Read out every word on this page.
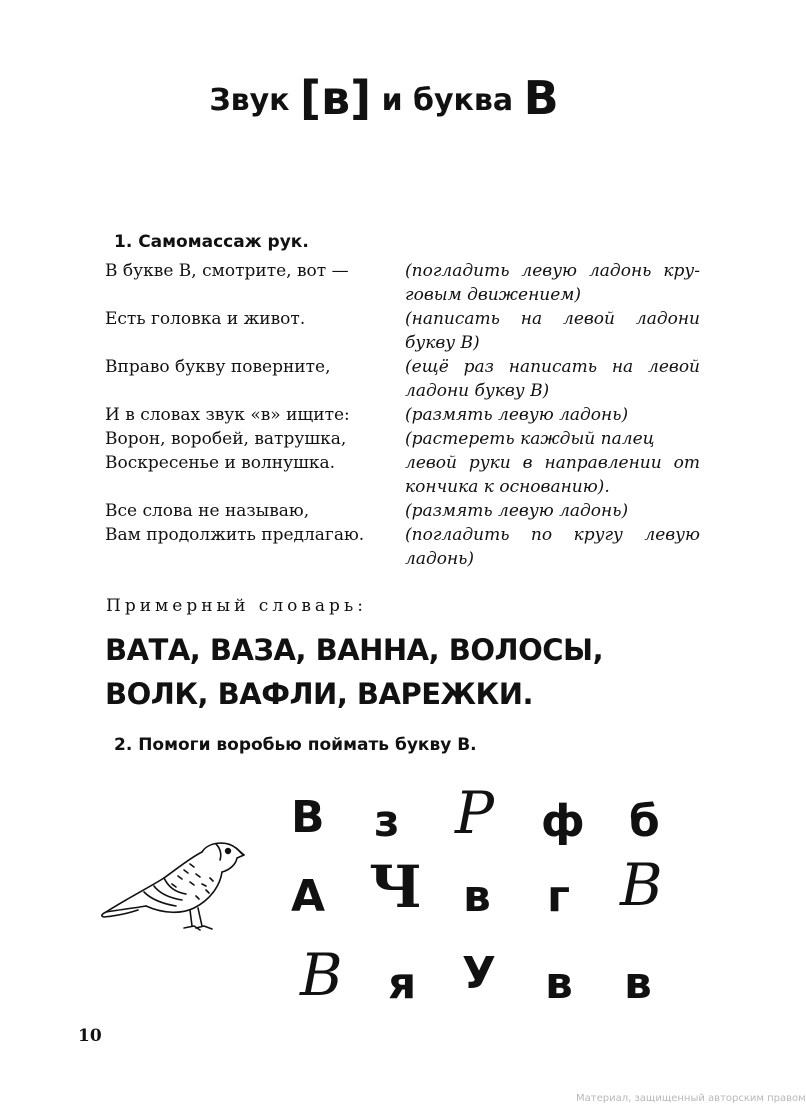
Звук [в] и буква В
1. Самомассаж рук.
В букве В, смотрите, вот —	(погладить левую ладонь кру- говым движением)
Есть головка и живот.	(написать на левой ладони букву В)
Вправо букву поверните,	(ещё раз написать на левой ладони букву В)
И в словах звук «в» ищите:	(размять левую ладонь)
Ворон, воробей, ватрушка,	(растереть каждый палец
Воскресенье и волнушка.	левой руки в направлении от кончика к основанию).
Все слова не называю,	(размять левую ладонь)
Вам продолжить предлагаю.	(погладить по кругу левую ладонь)
Примерный словарь:
ВАТА, ВАЗА, ВАННА, ВОЛОСЫ, ВОЛК, ВАФЛИ, ВАРЕЖКИ.
2. Помоги воробью поймать букву В.
В з Р ф б
А Ч в г В
В я У в в
10
Материал, защищенный авторским правом
